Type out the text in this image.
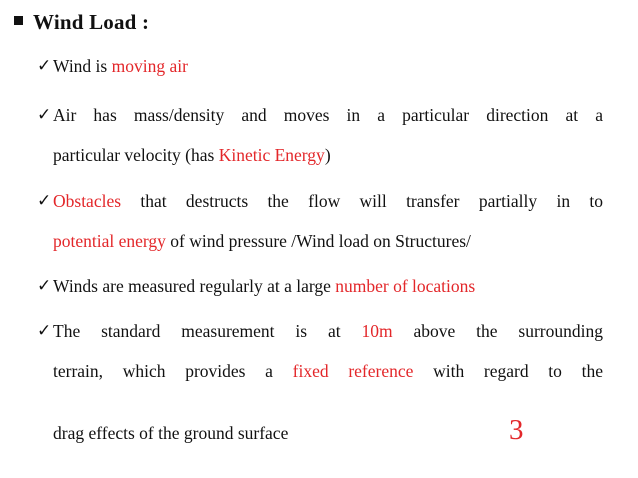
Wind Load :
✓ Wind is moving air
✓ Air has mass/density and moves in a particular direction at a
particular velocity (has Kinetic Energy)
✓ Obstacles that destructs the flow will transfer partially in to
potential energy of wind pressure /Wind load on Structures/
✓ Winds are measured regularly at a large number of locations
✓ The standard measurement is at 10m above the surrounding
terrain, which provides a fixed reference with regard to the
drag effects of the ground surface	3
